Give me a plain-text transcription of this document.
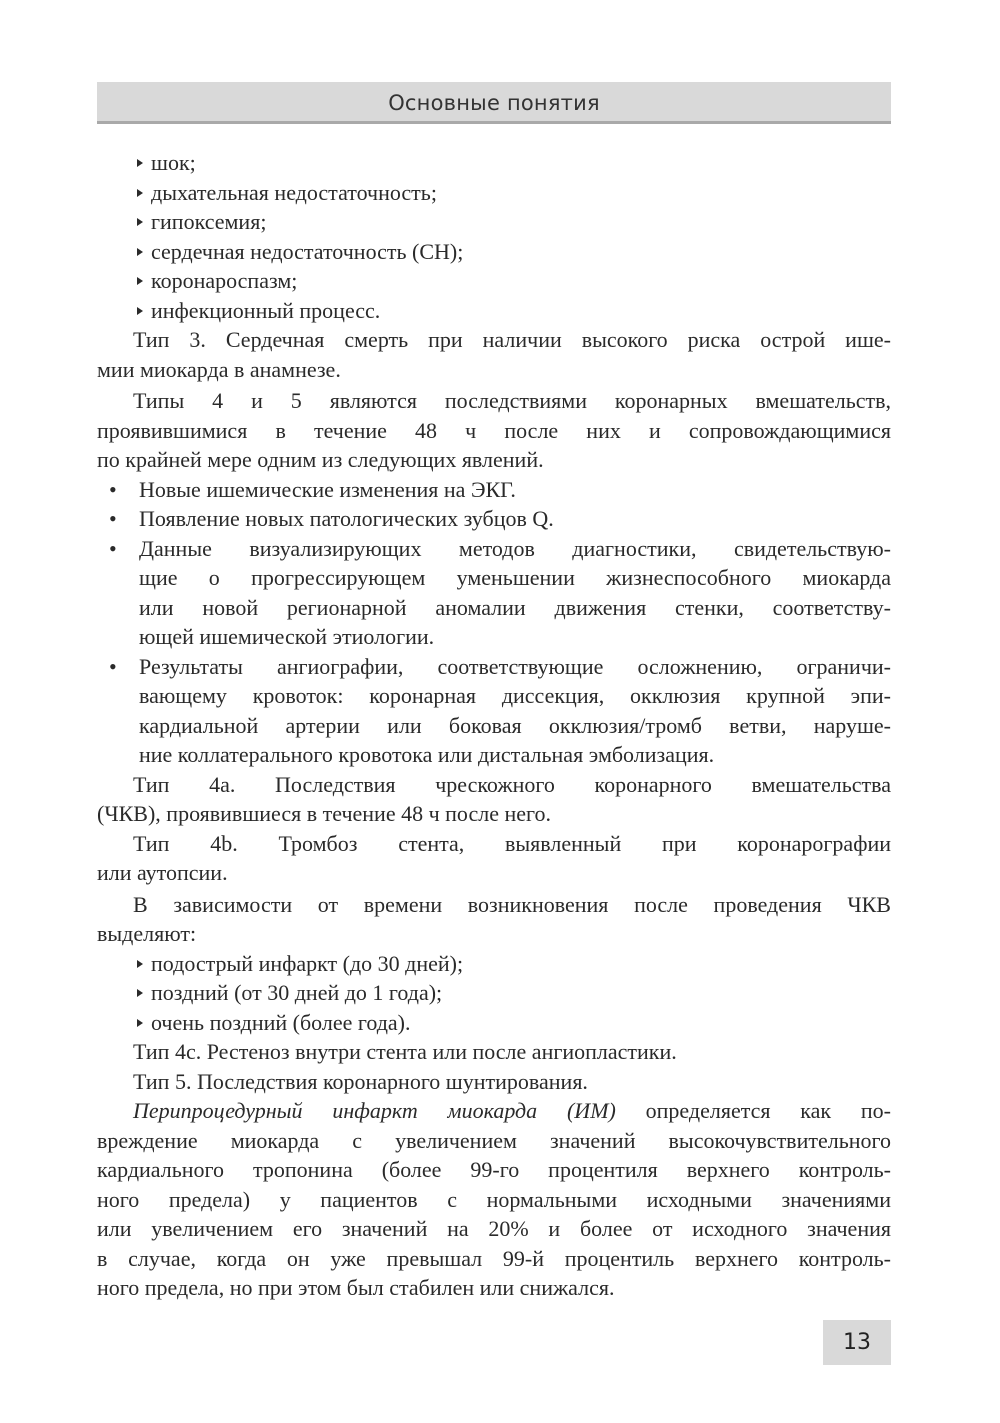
Основные понятия
шок;
дыхательная недостаточность;
гипоксемия;
сердечная недостаточность (СН);
коронароспазм;
инфекционный процесс.
Тип 3. Сердечная смерть при наличии высокого риска острой ише-
мии миокарда в анамнезе.
Типы 4 и 5 являются последствиями коронарных вмешательств,
проявившимися в течение 48 ч после них и сопровождающимися
по крайней мере одним из следующих явлений.
•	Новые ишемические изменения на ЭКГ.
•	Появление новых патологических зубцов Q.
•	Данные визуализирующих методов диагностики, свидетельствую-
щие о прогрессирующем уменьшении жизнеспособного миокарда
или новой регионарной аномалии движения стенки, соответству-
ющей ишемической этиологии.
•	Результаты ангиографии, соответствующие осложнению, ограничи-
вающему кровоток: коронарная диссекция, окклюзия крупной эпи-
кардиальной артерии или боковая окклюзия/тромб ветви, наруше-
ние коллатерального кровотока или дистальная эмболизация.
Тип 4а. Последствия чрескожного коронарного вмешательства
(ЧКВ), проявившиеся в течение 48 ч после него.
Тип 4b. Тромбоз стента, выявленный при коронарографии
или аутопсии.
В зависимости от времени возникновения после проведения ЧКВ
выделяют:
подострый инфаркт (до 30 дней);
поздний (от 30 дней до 1 года);
очень поздний (более года).
Тип 4с. Рестеноз внутри стента или после ангиопластики.
Тип 5. Последствия коронарного шунтирования.
Перипроцедурный инфаркт миокарда (ИМ) определяется как по-
вреждение миокарда с увеличением значений высокочувствительного
кардиального тропонина (более 99-го процентиля верхнего контроль-
ного предела) у пациентов с нормальными исходными значениями
или увеличением его значений на 20% и более от исходного значения
в случае, когда он уже превышал 99-й процентиль верхнего контроль-
ного предела, но при этом был стабилен или снижался.
13
